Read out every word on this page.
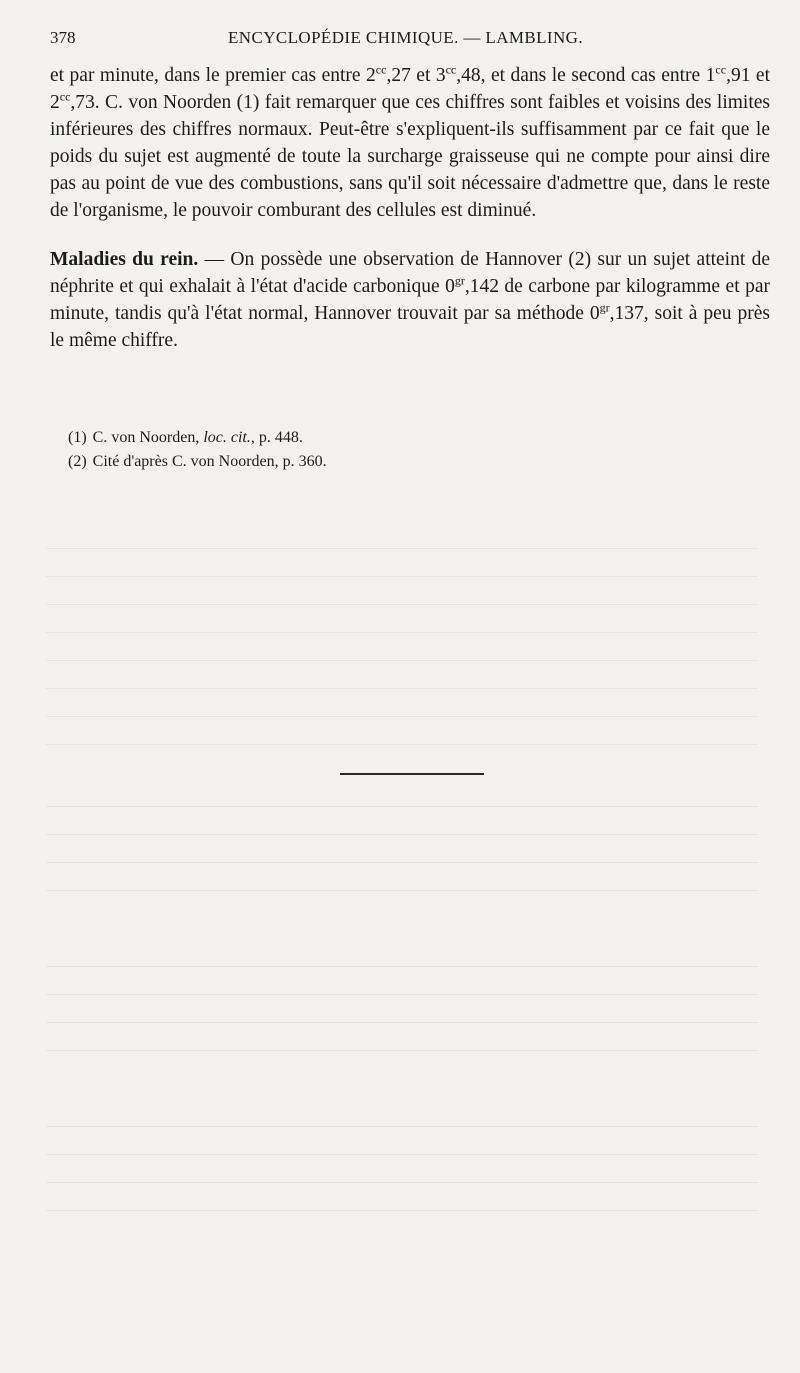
378	ENCYCLOPÉDIE CHIMIQUE. — LAMBLING.

et par minute, dans le premier cas entre $2^{cc},27$ et $3^{cc},48$, et dans le second cas entre $1^{cc},91$ et $2^{cc},73$. C. von Noorden (1) fait remarquer que ces chiffres sont faibles et voisins des limites inférieures des chiffres normaux. Peut-être s'expliquent-ils suffisamment par ce fait que le poids du sujet est augmenté de toute la surcharge graisseuse qui ne compte pour ainsi dire pas au point de vue des combustions, sans qu'il soit nécessaire d'admettre que, dans le reste de l'organisme, le pouvoir comburant des cellules est diminué.

Maladies du rein. — On possède une observation de Hannover (2) sur un sujet atteint de néphrite et qui exhalait à l'état d'acide carbonique $0^{gr},142$ de carbone par kilogramme et par minute, tandis qu'à l'état normal, Hannover trouvait par sa méthode $0^{gr},137$, soit à peu près le même chiffre.

(1) C. von Noorden, loc. cit., p. 448.

(2) Cité d'après C. von Noorden, p. 360.
